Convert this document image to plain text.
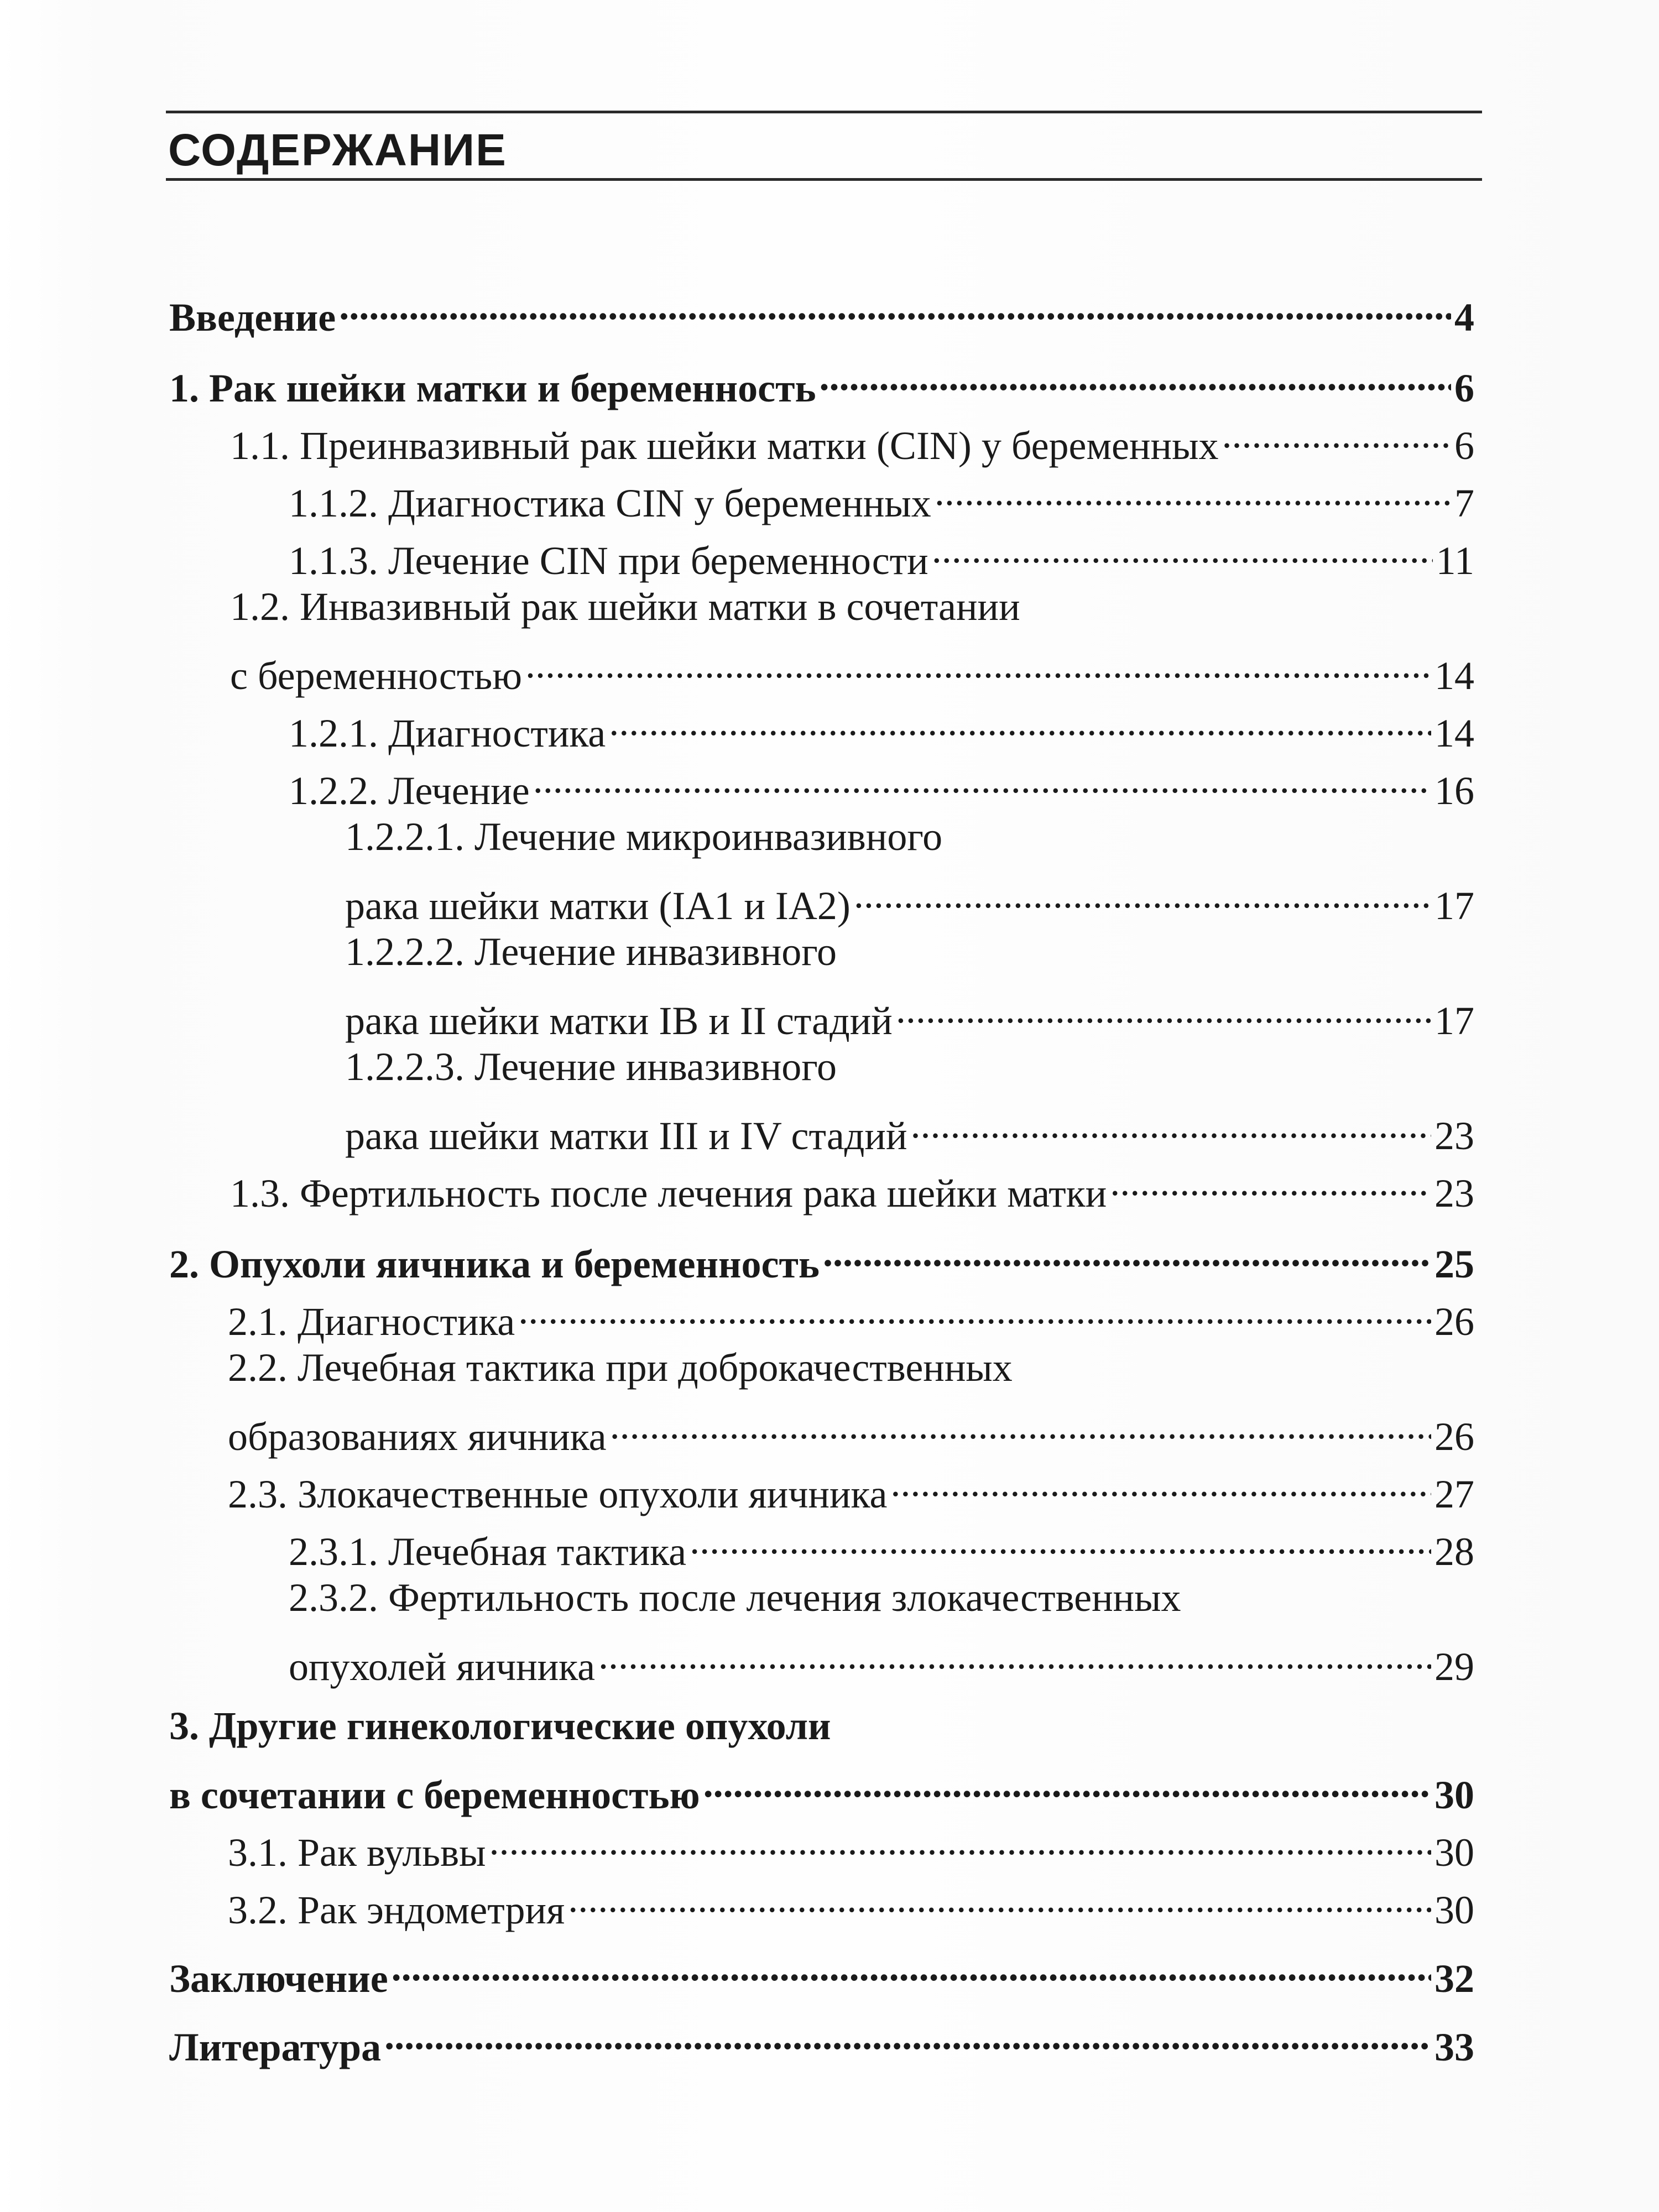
СОДЕРЖАНИЕ
Введение .....	4
1. Рак шейки матки и беременность .....	6
1.1. Преинвазивный рак шейки матки (CIN) у беременных .....	6
1.1.2. Диагностика CIN у беременных .....	7
1.1.3. Лечение CIN при беременности .....	11
1.2. Инвазивный рак шейки матки в сочетании
с беременностью .....	14
1.2.1. Диагностика .....	14
1.2.2. Лечение .....	16
1.2.2.1. Лечение микроинвазивного
рака шейки матки (IA1 и IA2) .....	17
1.2.2.2. Лечение инвазивного
рака шейки матки IB и II стадий .....	17
1.2.2.3. Лечение инвазивного
рака шейки матки III и IV стадий .....	23
1.3. Фертильность после лечения рака шейки матки .....	23
2. Опухоли яичника и беременность .....	25
2.1. Диагностика .....	26
2.2. Лечебная тактика при доброкачественных
образованиях яичника .....	26
2.3. Злокачественные опухоли яичника .....	27
2.3.1. Лечебная тактика .....	28
2.3.2. Фертильность после лечения злокачественных
опухолей яичника .....	29
3. Другие гинекологические опухоли
в сочетании с беременностью .....	30
3.1. Рак вульвы .....	30
3.2. Рак эндометрия .....	30
Заключение .....	32
Литература .....	33
